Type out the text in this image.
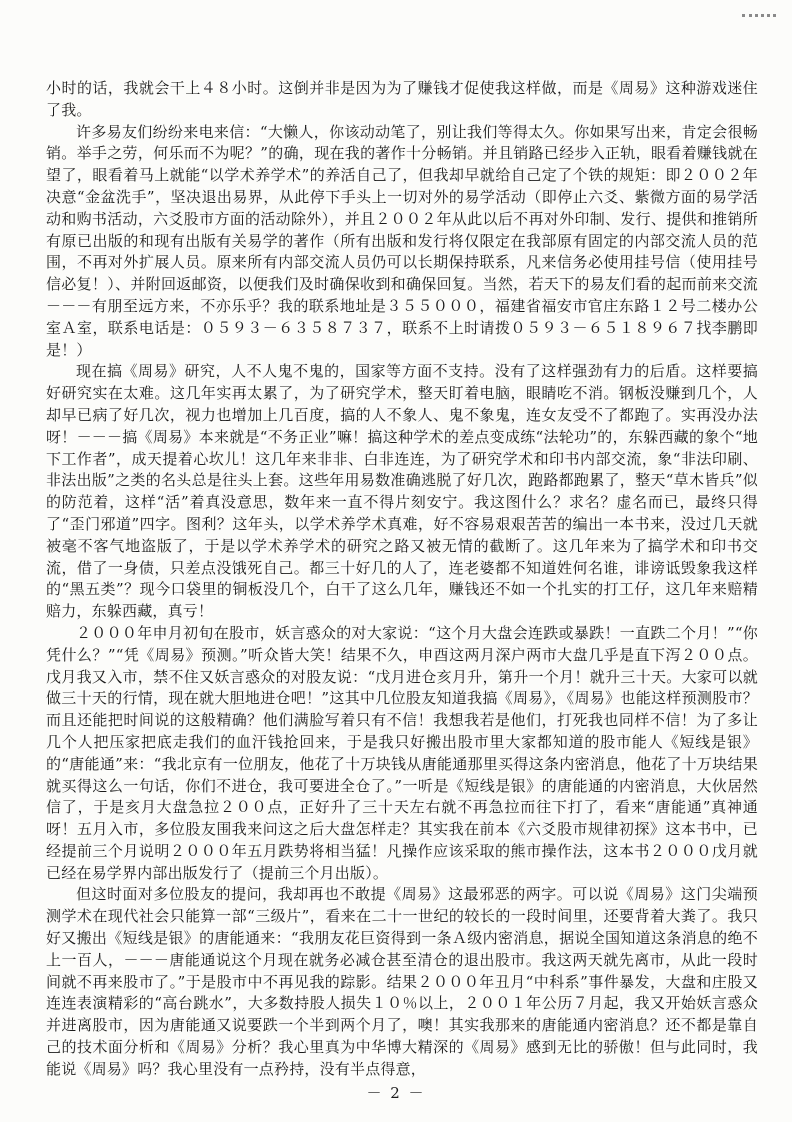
小时的话，我就会干上４８小时。这倒并非是因为为了赚钱才促使我这样做，而是《周易》这种游戏迷住了我。

许多易友们纷纷来电来信：“大懒人，你该动动笔了，别让我们等得太久。你如果写出来，肯定会很畅销。举手之劳，何乐而不为呢？”的确，现在我的著作十分畅销。并且销路已经步入正轨，眼看着赚钱就在望了，眼看着马上就能“以学术养学术”的养活自己了，但我却早就给自己定了个铁的规矩：即２００２年决意“金盆洗手”，坚决退出易界，从此停下手头上一切对外的易学活动（即停止六爻、紫微方面的易学活动和购书活动，六爻股市方面的活动除外），并且２００２年从此以后不再对外印制、发行、提供和推销所有原已出版的和现有出版有关易学的著作（所有出版和发行将仅限定在我部原有固定的内部交流人员的范围，不再对外扩展人员。原来所有内部交流人员仍可以长期保持联系，凡来信务必使用挂号信（使用挂号信必复！）、并附回返邮资，以便我们及时确保收到和确保回复。当然，若天下的易友们看的起而前来交流－－－有朋至远方来，不亦乐乎？我的联系地址是３５５０００，福建省福安市官庄东路１２号二楼办公室Ａ室，联系电话是：０５９３－６３５８７３７，联系不上时请拨０５９３－６５１８９６７找李鹏即是！）

现在搞《周易》研究，人不人鬼不鬼的，国家等方面不支持。没有了这样强劲有力的后盾。这样要搞好研究实在太难。这几年实再太累了，为了研究学术，整天盯着电脑，眼睛吃不消。钢板没赚到几个，人却早已病了好几次，视力也增加上几百度，搞的人不象人、鬼不象鬼，连女友受不了都跑了。实再没办法呀！－－－搞《周易》本来就是“不务正业”嘛！搞这种学术的差点变成练“法轮功”的，东躲西藏的象个“地下工作者”，成天提着心坎儿！这几年来非非、白非连连，为了研究学术和印书内部交流，象“非法印刷、非法出版”之类的名头总是往头上套。这些年用易数准确逃脱了好几次，跑路都跑累了，整天“草木皆兵”似的防范着，这样“活”着真没意思，数年来一直不得片刻安宁。我这图什么？求名？虚名而已，最终只得了“歪门邪道”四字。图利？这年头，以学术养学术真难，好不容易艰艰苦苦的编出一本书来，没过几天就被毫不客气地盗版了，于是以学术养学术的研究之路又被无情的截断了。这几年来为了搞学术和印书交流，借了一身债，只差点没饿死自己。都三十好几的人了，连老婆都不知道姓何名谁，诽谤诋毁象我这样的“黑五类”？现今口袋里的铜板没几个，白干了这么几年，赚钱还不如一个扎实的打工仔，这几年来赔精赔力，东躲西藏，真亏！

２０００年申月初旬在股市，妖言惑众的对大家说：“这个月大盘会连跌或暴跌！一直跌二个月！”“你凭什么？”“凭《周易》预测。”听众皆大笑！结果不久，申酉这两月深户两市大盘几乎是直下泻２００点。戊月我又入市，禁不住又妖言惑众的对股友说：“戊月进仓亥月升，第升一个月！就升三十天。大家可以就做三十天的行情，现在就大胆地进仓吧！”这其中几位股友知道我搞《周易》，《周易》也能这样预测股市？而且还能把时间说的这般精确？他们满脸写着只有不信！我想我若是他们，打死我也同样不信！为了多让几个人把压家把底走我们的血汗钱抢回来，于是我只好搬出股市里大家都知道的股市能人《短线是银》的“唐能通”来：“我北京有一位朋友，他花了十万块钱从唐能通那里买得这条内密消息，他花了十万块结果就买得这么一句话，你们不进仓，我可要进全仓了。”一听是《短线是银》的唐能通的内密消息，大伙居然信了，于是亥月大盘急拉２００点，正好升了三十天左右就不再急拉而往下打了，看来“唐能通”真神通呀！五月入市，多位股友围我来问这之后大盘怎样走？其实我在前本《六爻股市规律初探》这本书中，已经提前三个月说明２０００年五月跌势将相当猛！凡操作应该采取的熊市操作法，这本书２０００戊月就已经在易学界内部出版发行了（提前三个月出版）。

但这时面对多位股友的提问，我却再也不敢提《周易》这最邪恶的两字。可以说《周易》这门尖端预测学术在现代社会只能算一部“三级片”，看来在二十一世纪的较长的一段时间里，还要背着大粪了。我只好又搬出《短线是银》的唐能通来：“我朋友花巨资得到一条Ａ级内密消息，据说全国知道这条消息的绝不上一百人，－－－唐能通说这个月现在就务必减仓甚至清仓的退出股市。我这两天就先离市，从此一段时间就不再来股市了。”于是股市中不再见我的踪影。结果２０００年丑月“中科系”事件暴发，大盘和庄股又连连表演精彩的“高台跳水”，大多数持股人损失１０％以上，２００１年公历７月起，我又开始妖言惑众并进离股市，因为唐能通又说要跌一个半到两个月了，噢！其实我那来的唐能通内密消息？还不都是靠自己的技术面分析和《周易》分析？我心里真为中华博大精深的《周易》感到无比的骄傲！但与此同时，我能说《周易》吗？我心里没有一点矜持，没有半点得意，

－ 2 －
